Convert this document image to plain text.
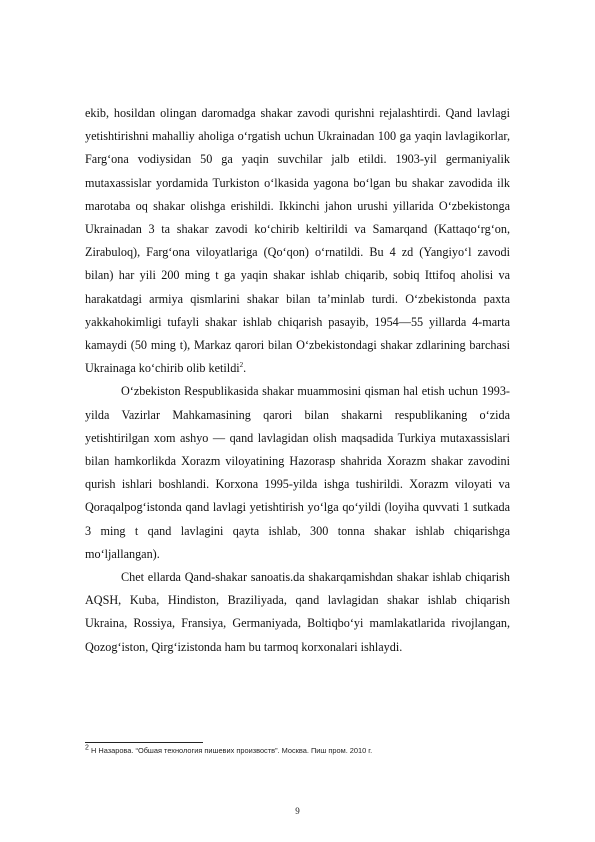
ekib, hosildan olingan daromadga shakar zavodi qurishni rejalashtirdi. Qand lavlagi yetishtirishni mahalliy aholiga oʻrgatish uchun Ukrainadan 100 ga yaqin lavlagikorlar, Fargʻona vodiysidan 50 ga yaqin suvchilar jalb etildi. 1903-yil germaniyalik mutaxassislar yordamida Turkiston oʻlkasida yagona boʻlgan bu shakar zavodida ilk marotaba oq shakar olishga erishildi. Ikkinchi jahon urushi yillarida Oʻzbekistonga Ukrainadan 3 ta shakar zavodi koʻchirib keltirildi va Samarqand (Kattaqoʻrgʻon, Zirabuloq), Fargʻona viloyatlariga (Qoʻqon) oʻrnatildi. Bu 4 zd (Yangiyoʻl zavodi bilan) har yili 200 ming t ga yaqin shakar ishlab chiqarib, sobiq Ittifoq aholisi va harakatdagi armiya qismlarini shakar bilan taʼminlab turdi. Oʻzbekistonda paxta yakkahokimligi tufayli shakar ishlab chiqarish pasayib, 1954—55 yillarda 4-marta kamaydi (50 ming t), Markaz qarori bilan Oʻzbekistondagi shakar zdlarining barchasi Ukrainaga koʻchirib olib ketildi$^2$.

Oʻzbekiston Respublikasida shakar muammosini qisman hal etish uchun 1993-yilda Vazirlar Mahkamasining qarori bilan shakarni respublikaning oʻzida yetishtirilgan xom ashyo — qand lavlagidan olish maqsadida Turkiya mutaxassislari bilan hamkorlikda Xorazm viloyatining Hazorasp shahrida Xorazm shakar zavodini qurish ishlari boshlandi. Korxona 1995-yilda ishga tushirildi. Xorazm viloyati va Qoraqalpogʻistonda qand lavlagi yetishtirish yoʻlga qoʻyildi (loyiha quvvati 1 sutkada 3 ming t qand lavlagini qayta ishlab, 300 tonna shakar ishlab chiqarishga moʻljallangan).

Chet ellarda Qand-shakar sanoatis.da shakarqamishdan shakar ishlab chiqarish AQSH, Kuba, Hindiston, Braziliyada, qand lavlagidan shakar ishlab chiqarish Ukraina, Rossiya, Fransiya, Germaniyada, Boltiqboʻyi mamlakatlarida rivojlangan, Qozogʻiston, Qirgʻizistonda ham bu tarmoq korxonalari ishlaydi.

$^2$ Н Назарова. “Обшая технология пишевих произвоств”. Москва. Пиш пром. 2010 г.
9
